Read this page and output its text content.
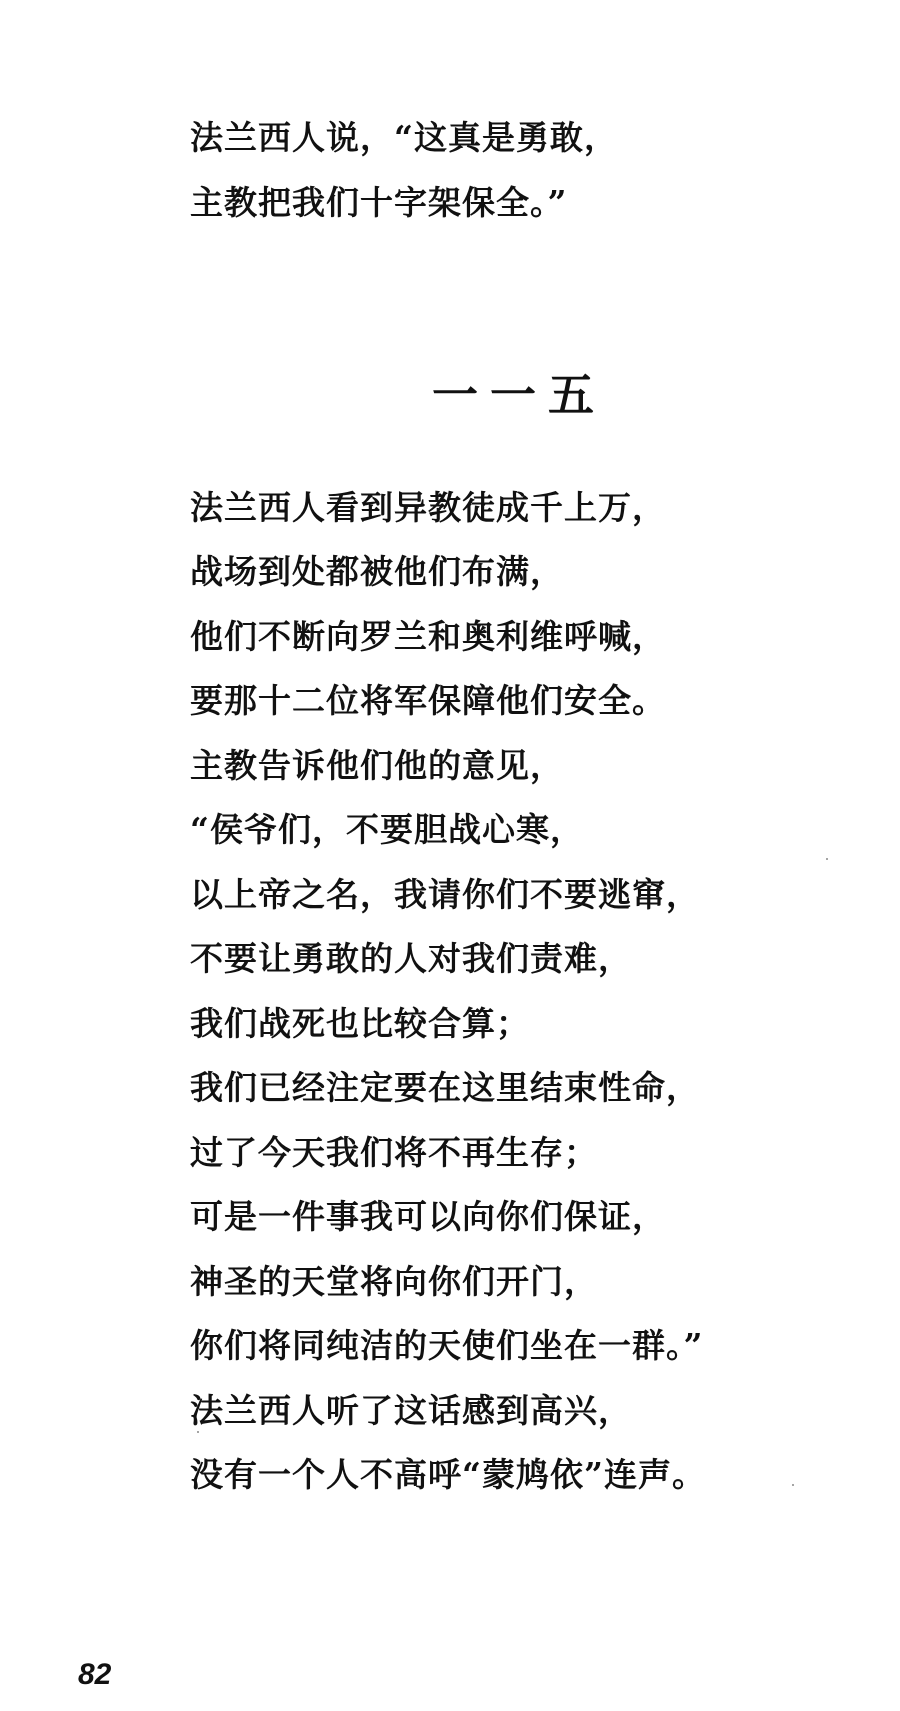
法兰西人说，“这真是勇敢，
主教把我们十字架保全。”
一一五
法兰西人看到异教徒成千上万，
战场到处都被他们布满，
他们不断向罗兰和奥利维呼喊，
要那十二位将军保障他们安全。
主教告诉他们他的意见，
“侯爷们，不要胆战心寒，
以上帝之名，我请你们不要逃窜，
不要让勇敢的人对我们责难，
我们战死也比较合算；
我们已经注定要在这里结束性命，
过了今天我们将不再生存；
可是一件事我可以向你们保证，
神圣的天堂将向你们开门，
你们将同纯洁的天使们坐在一群。”
法兰西人听了这话感到高兴，
没有一个人不高呼“蒙鸠依”连声。
82
